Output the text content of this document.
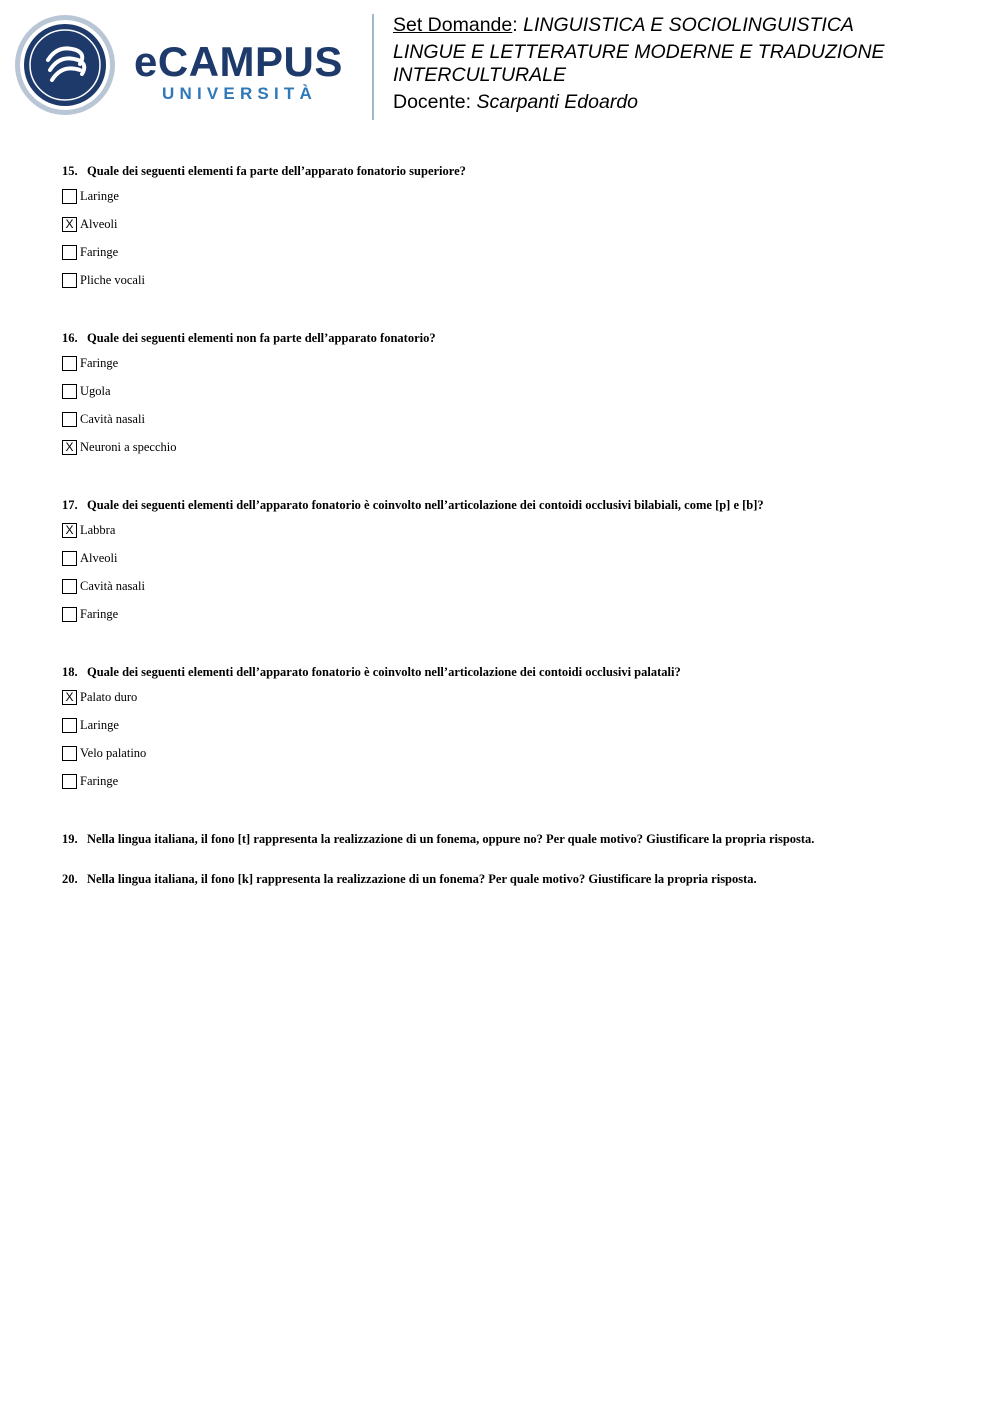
eCAMPUS
UNIVERSITÀ

Set Domande: LINGUISTICA E SOCIOLINGUISTICA

LINGUE E LETTERATURE MODERNE E TRADUZIONE

INTERCULTURALE

Docente: Scarpanti Edoardo

15. Quale dei seguenti elementi fa parte dell’apparato fonatorio superiore?

Laringe
X Alveoli
Faringe
Pliche vocali

16. Quale dei seguenti elementi non fa parte dell’apparato fonatorio?

Faringe
Ugola
Cavità nasali
X Neuroni a specchio

17. Quale dei seguenti elementi dell’apparato fonatorio è coinvolto nell’articolazione dei contoidi occlusivi bilabiali, come [p] e [b]?

X Labbra
Alveoli
Cavità nasali
Faringe

18. Quale dei seguenti elementi dell’apparato fonatorio è coinvolto nell’articolazione dei contoidi occlusivi palatali?

X Palato duro
Laringe
Velo palatino
Faringe

19. Nella lingua italiana, il fono [t] rappresenta la realizzazione di un fonema, oppure no? Per quale motivo? Giustificare la propria risposta.

20. Nella lingua italiana, il fono [k] rappresenta la realizzazione di un fonema? Per quale motivo? Giustificare la propria risposta.
